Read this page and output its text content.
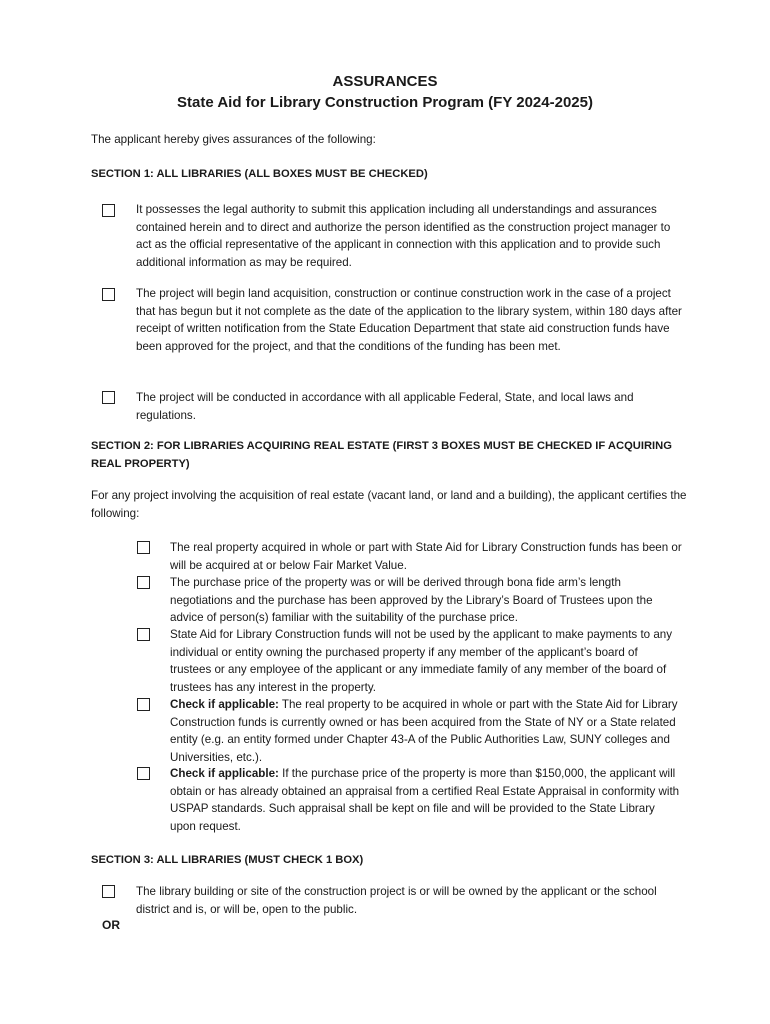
ASSURANCES
State Aid for Library Construction Program (FY 2024-2025)
The applicant hereby gives assurances of the following:
SECTION 1: ALL LIBRARIES (ALL BOXES MUST BE CHECKED)
It possesses the legal authority to submit this application including all understandings and assurances contained herein and to direct and authorize the person identified as the construction project manager to act as the official representative of the applicant in connection with this application and to provide such additional information as may be required.
The project will begin land acquisition, construction or continue construction work in the case of a project that has begun but it not complete as the date of the application to the library system, within 180 days after receipt of written notification from the State Education Department that state aid construction funds have been approved for the project, and that the conditions of the funding has been met.
The project will be conducted in accordance with all applicable Federal, State, and local laws and regulations.
SECTION 2: FOR LIBRARIES ACQUIRING REAL ESTATE (FIRST 3 BOXES MUST BE CHECKED IF ACQUIRING REAL PROPERTY)
For any project involving the acquisition of real estate (vacant land, or land and a building), the applicant certifies the following:
The real property acquired in whole or part with State Aid for Library Construction funds has been or will be acquired at or below Fair Market Value.
The purchase price of the property was or will be derived through bona fide arm’s length negotiations and the purchase has been approved by the Library’s Board of Trustees upon the advice of person(s) familiar with the suitability of the purchase price.
State Aid for Library Construction funds will not be used by the applicant to make payments to any individual or entity owning the purchased property if any member of the applicant’s board of trustees or any employee of the applicant or any immediate family of any member of the board of trustees has any interest in the property.
Check if applicable: The real property to be acquired in whole or part with the State Aid for Library Construction funds is currently owned or has been acquired from the State of NY or a State related entity (e.g. an entity formed under Chapter 43-A of the Public Authorities Law, SUNY colleges and Universities, etc.).
Check if applicable: If the purchase price of the property is more than $150,000, the applicant will obtain or has already obtained an appraisal from a certified Real Estate Appraisal in conformity with USPAP standards. Such appraisal shall be kept on file and will be provided to the State Library upon request.
SECTION 3: ALL LIBRARIES (MUST CHECK 1 BOX)
The library building or site of the construction project is or will be owned by the applicant or the school district and is, or will be, open to the public.
OR
